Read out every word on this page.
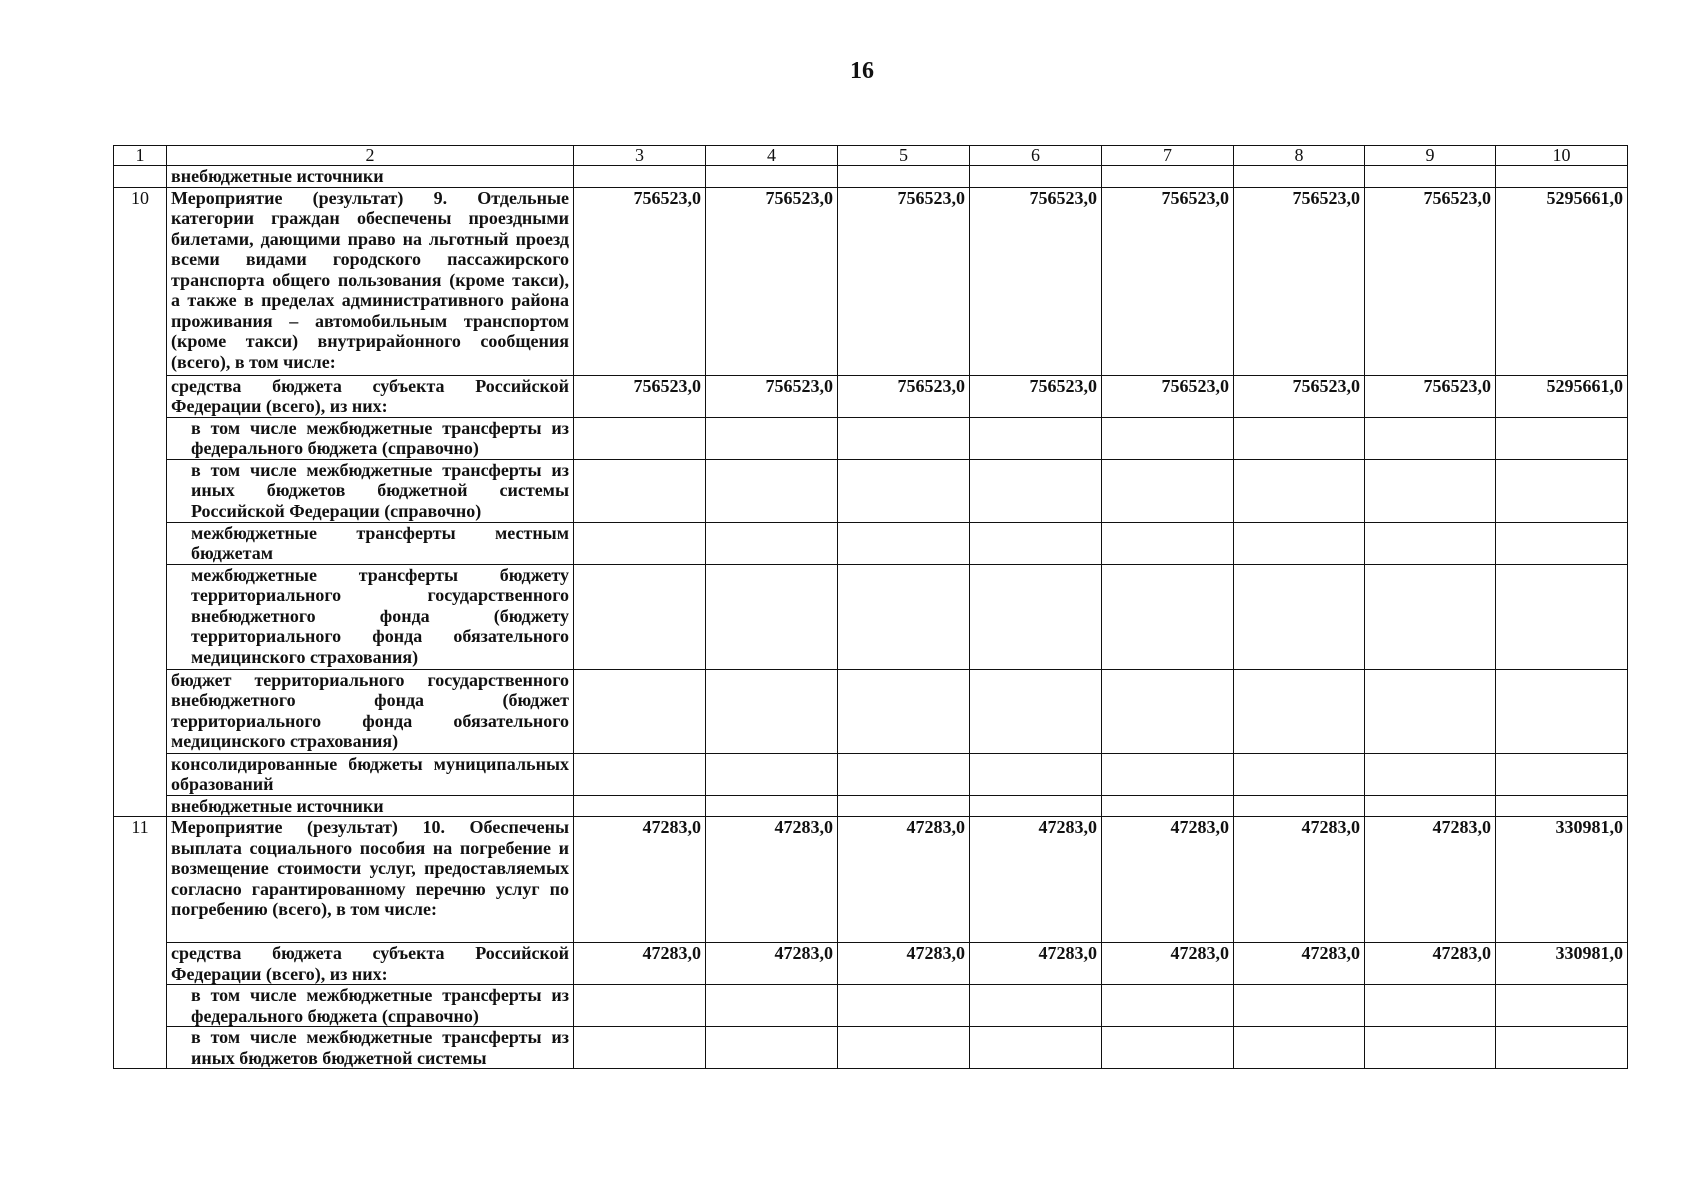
16
1	2	3	4	5	6	7	8	9	10
	внебюджетные источники								
10	Мероприятие (результат) 9. Отдельные категории граждан обеспечены проездными билетами, дающими право на льготный проезд всеми видами городского пассажирского транспорта общего пользования (кроме такси), а также в пределах административного района проживания – автомобильным транспортом (кроме такси) внутрирайонного сообщения (всего), в том числе:	756523,0	756523,0	756523,0	756523,0	756523,0	756523,0	756523,0	5295661,0
	средства бюджета субъекта Российской Федерации (всего), из них:	756523,0	756523,0	756523,0	756523,0	756523,0	756523,0	756523,0	5295661,0
	в том числе межбюджетные трансферты из федерального бюджета (справочно)								
	в том числе межбюджетные трансферты из иных бюджетов бюджетной системы Российской Федерации (справочно)								
	межбюджетные трансферты местным бюджетам								
	межбюджетные трансферты бюджету территориального государственного внебюджетного фонда (бюджету территориального фонда обязательного медицинского страхования)								
	бюджет территориального государственного внебюджетного фонда (бюджет территориального фонда обязательного медицинского страхования)								
	консолидированные бюджеты муниципальных образований								
	внебюджетные источники								
11	Мероприятие (результат) 10. Обеспечены выплата социального пособия на погребение и возмещение стоимости услуг, предоставляемых согласно гарантированному перечню услуг по погребению (всего), в том числе:	47283,0	47283,0	47283,0	47283,0	47283,0	47283,0	47283,0	330981,0
	средства бюджета субъекта Российской Федерации (всего), из них:	47283,0	47283,0	47283,0	47283,0	47283,0	47283,0	47283,0	330981,0
	в том числе межбюджетные трансферты из федерального бюджета (справочно)								
	в том числе межбюджетные трансферты из иных бюджетов бюджетной системы								
